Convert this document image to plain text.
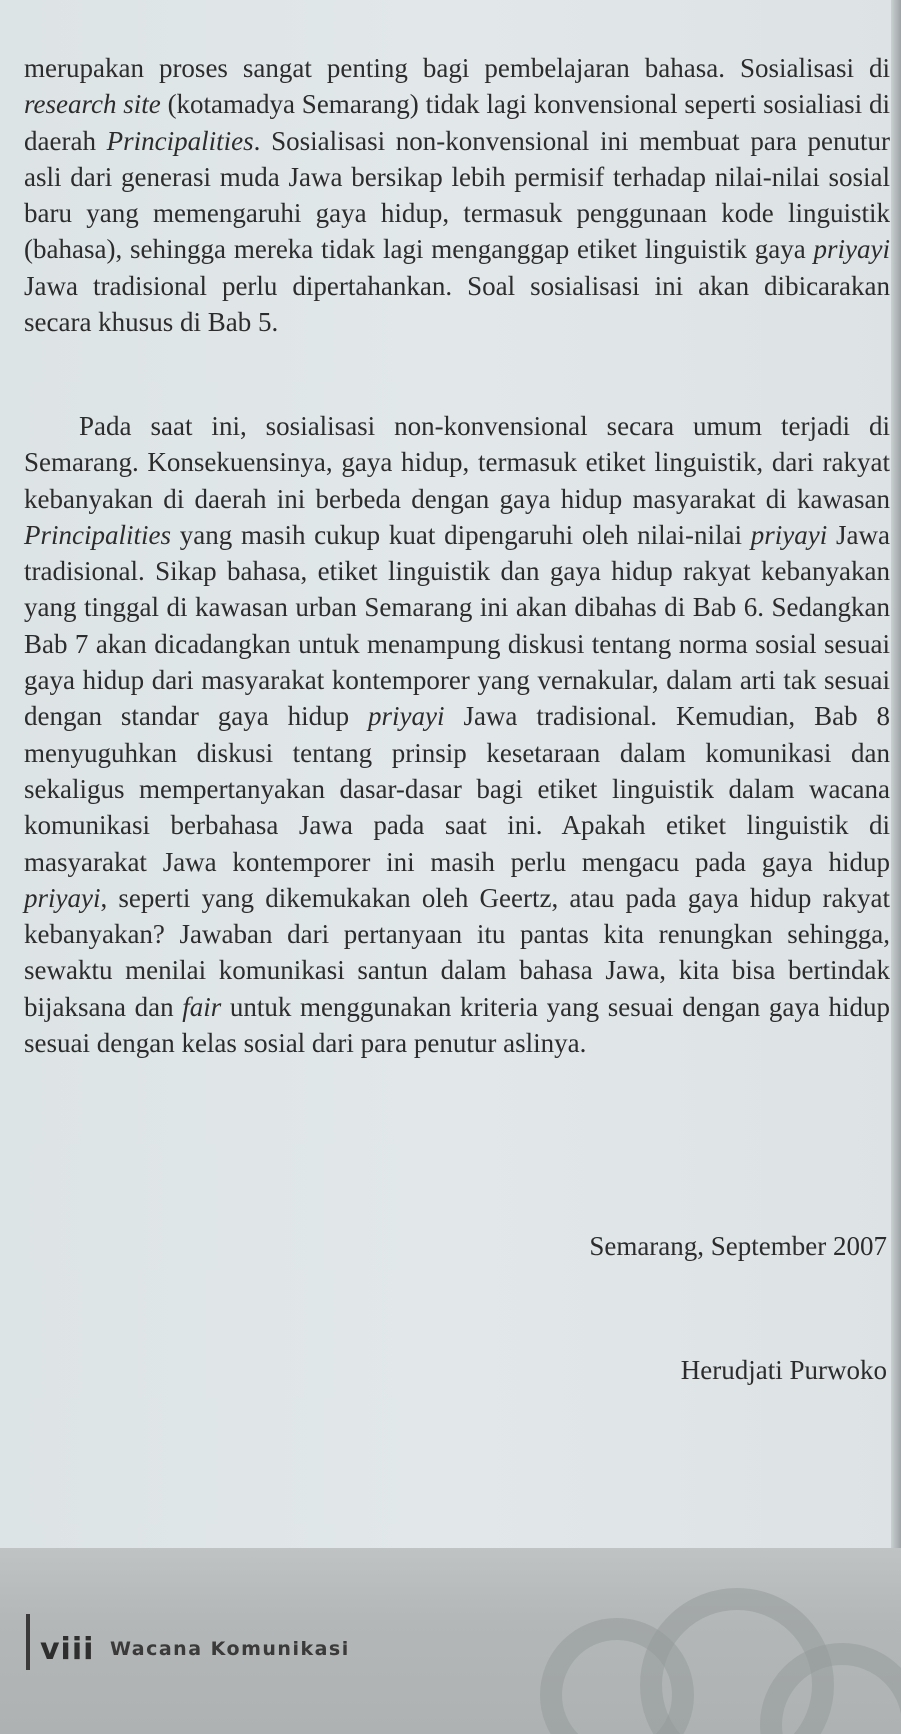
merupakan proses sangat penting bagi pembelajaran bahasa. Sosialisasi di research site (kotamadya Semarang) tidak lagi konvensional seperti sosialiasi di daerah Principalities. Sosialisasi non-konvensional ini membuat para penutur asli dari generasi muda Jawa bersikap lebih permisif terhadap nilai-nilai sosial baru yang memengaruhi gaya hidup, termasuk penggunaan kode linguistik (bahasa), sehingga mereka tidak lagi menganggap etiket linguistik gaya priyayi Jawa tradisional perlu dipertahankan. Soal sosialisasi ini akan dibicarakan secara khusus di Bab 5.

Pada saat ini, sosialisasi non-konvensional secara umum terjadi di Semarang. Konsekuensinya, gaya hidup, termasuk etiket linguistik, dari rakyat kebanyakan di daerah ini berbeda dengan gaya hidup masyarakat di kawasan Principalities yang masih cukup kuat dipengaruhi oleh nilai-nilai priyayi Jawa tradisional. Sikap bahasa, etiket linguistik dan gaya hidup rakyat kebanyakan yang tinggal di kawasan urban Semarang ini akan dibahas di Bab 6. Sedangkan Bab 7 akan dicadangkan untuk menampung diskusi tentang norma sosial sesuai gaya hidup dari masyarakat kontemporer yang vernakular, dalam arti tak sesuai dengan standar gaya hidup priyayi Jawa tradisional. Kemudian, Bab 8 menyuguhkan diskusi tentang prinsip kesetaraan dalam komunikasi dan sekaligus mempertanyakan dasar-dasar bagi etiket linguistik dalam wacana komunikasi berbahasa Jawa pada saat ini. Apakah etiket linguistik di masyarakat Jawa kontemporer ini masih perlu mengacu pada gaya hidup priyayi, seperti yang dikemukakan oleh Geertz, atau pada gaya hidup rakyat kebanyakan? Jawaban dari pertanyaan itu pantas kita renungkan sehingga, sewaktu menilai komunikasi santun dalam bahasa Jawa, kita bisa bertindak bijaksana dan fair untuk menggunakan kriteria yang sesuai dengan gaya hidup sesuai dengan kelas sosial dari para penutur aslinya.

Semarang, September 2007
Herudjati Purwoko
viii Wacana Komunikasi
